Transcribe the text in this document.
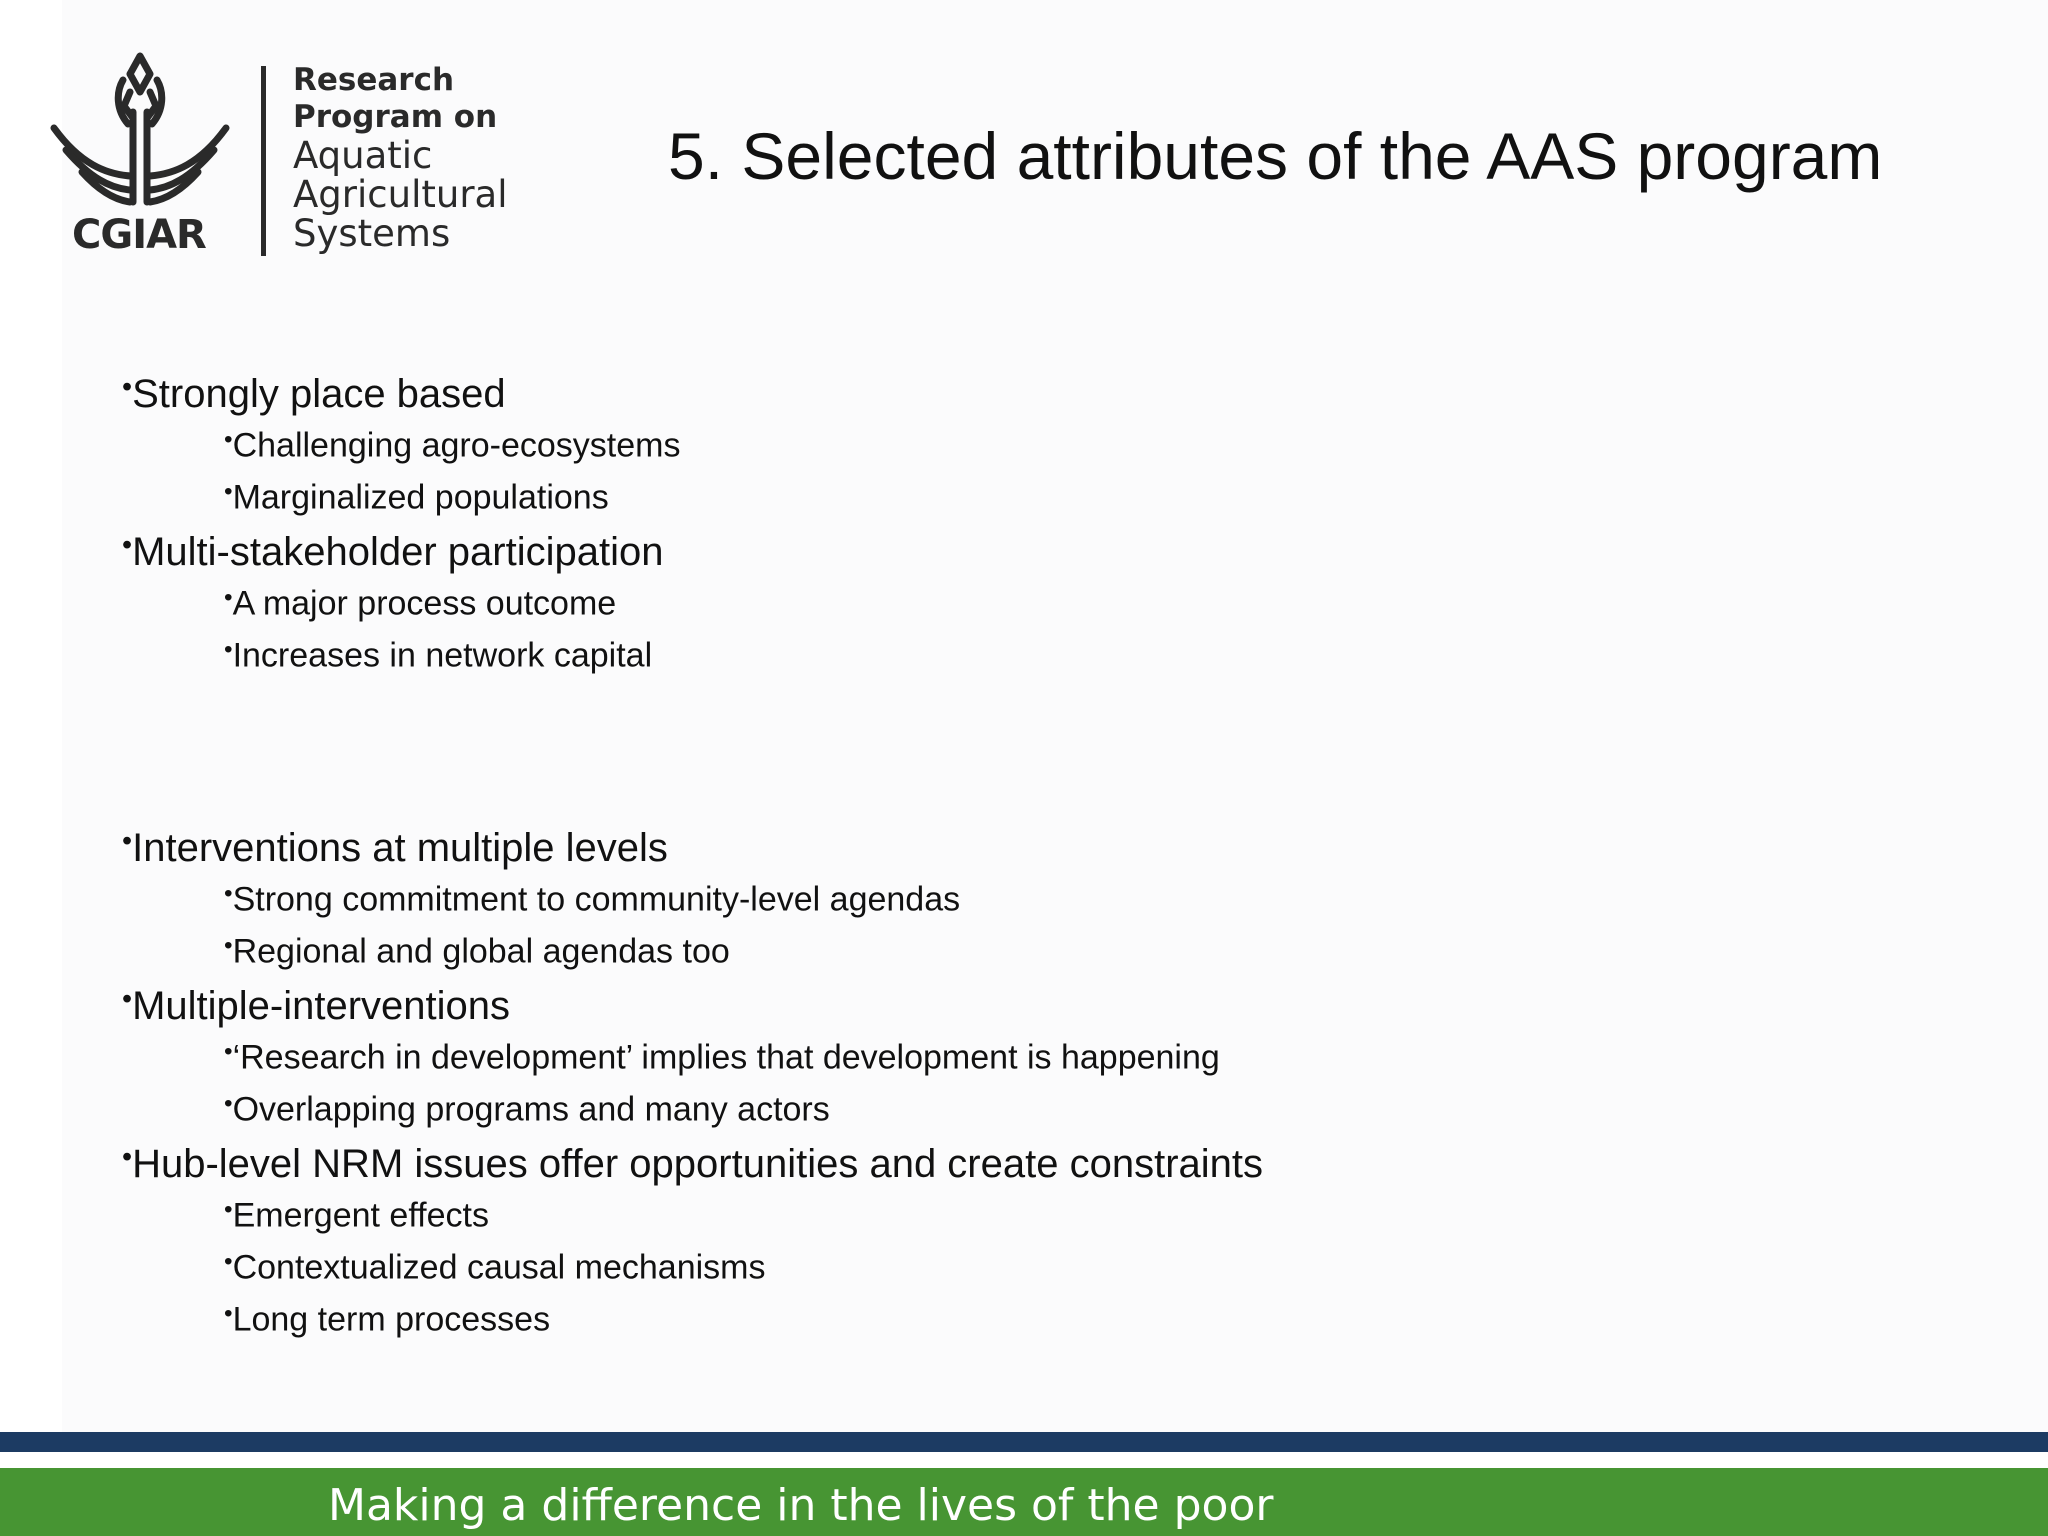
CGIAR
Research
Program on
Aquatic
Agricultural
Systems
5. Selected attributes of the AAS program
•Strongly place based
•Challenging agro-ecosystems
•Marginalized populations
•Multi-stakeholder participation
•A major process outcome
•Increases in network capital
•Interventions at multiple levels
•Strong commitment to community-level agendas
•Regional and global agendas too
•Multiple-interventions
•‘Research in development’ implies that development is happening
•Overlapping programs and many actors
•Hub-level NRM issues offer opportunities and create constraints
•Emergent effects
•Contextualized causal mechanisms
•Long term processes
Making a difference in the lives of the poor
